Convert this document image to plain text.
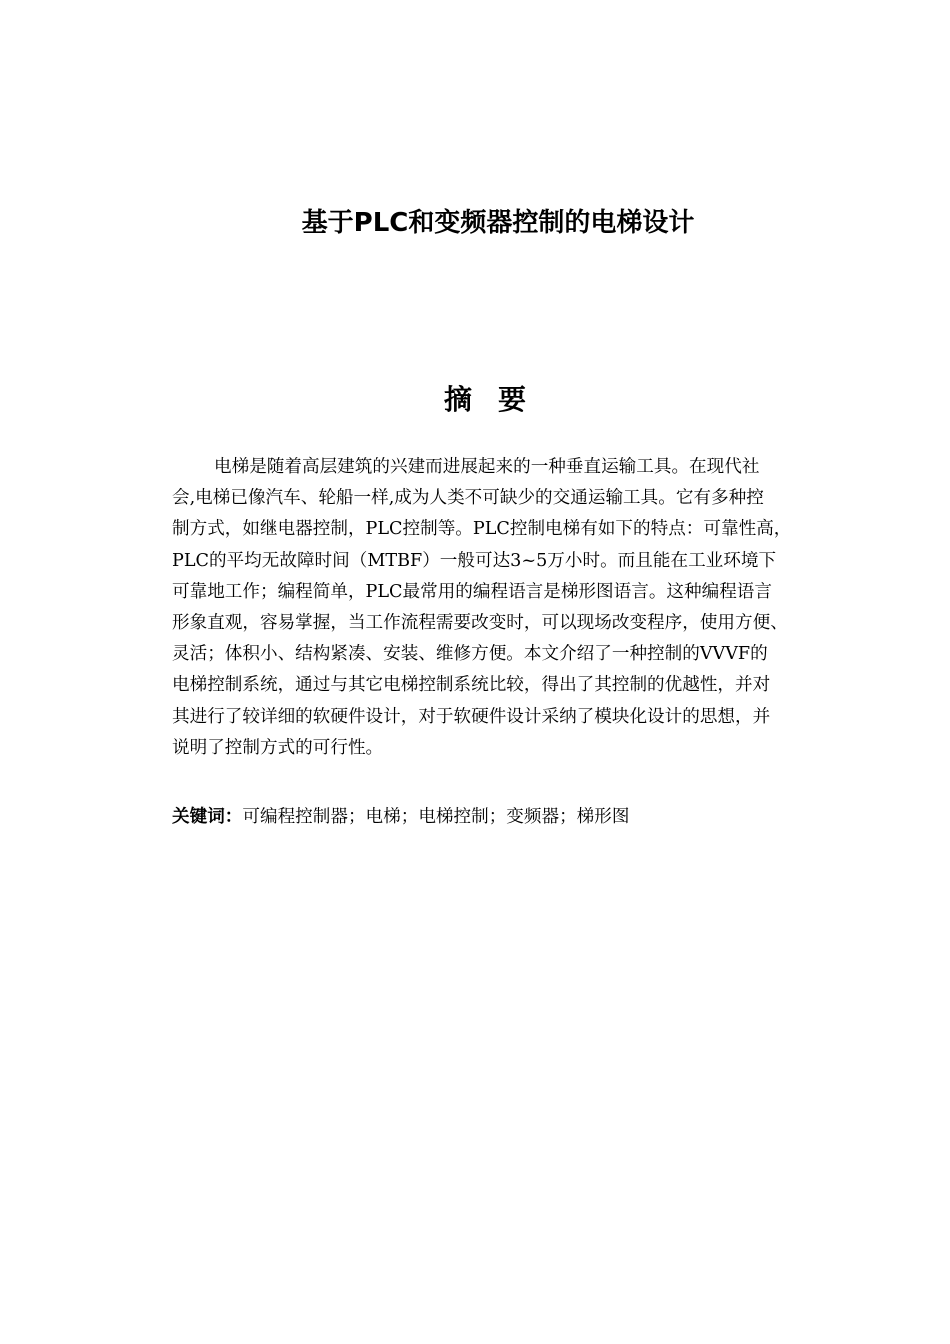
基于PLC和变频器控制的电梯设计
摘要
电梯是随着高层建筑的兴建而进展起来的一种垂直运输工具。在现代社
会,电梯已像汽车、轮船一样,成为人类不可缺少的交通运输工具。它有多种控
制方式，如继电器控制，PLC控制等。PLC控制电梯有如下的特点：可靠性高，
PLC的平均无故障时间（MTBF）一般可达3~5万小时。而且能在工业环境下
可靠地工作；编程简单，PLC最常用的编程语言是梯形图语言。这种编程语言
形象直观，容易掌握，当工作流程需要改变时，可以现场改变程序，使用方便、
灵活；体积小、结构紧凑、安装、维修方便。本文介绍了一种控制的VVVF的
电梯控制系统，通过与其它电梯控制系统比较，得出了其控制的优越性，并对
其进行了较详细的软硬件设计，对于软硬件设计采纳了模块化设计的思想，并
说明了控制方式的可行性。
关键词：可编程控制器；电梯；电梯控制；变频器；梯形图
